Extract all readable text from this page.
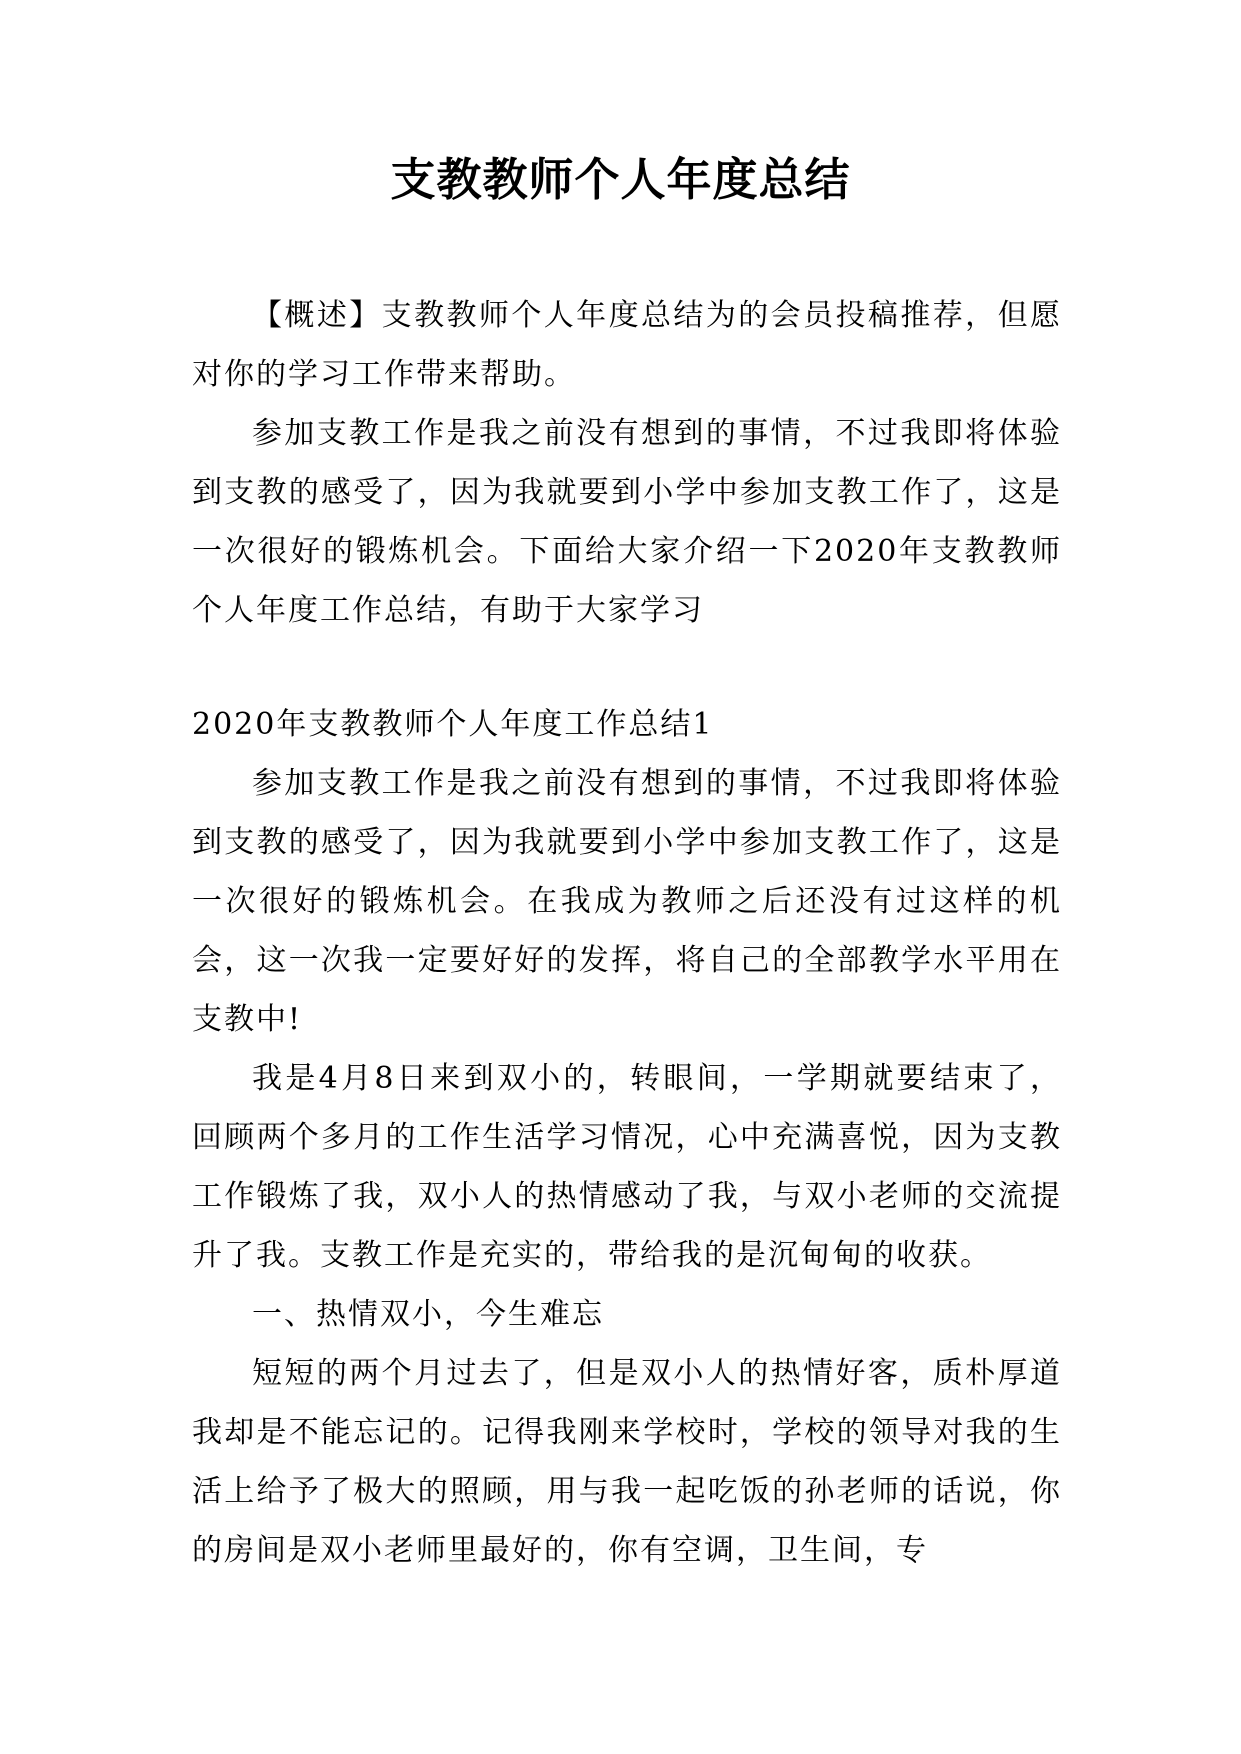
支教教师个人年度总结

【概述】支教教师个人年度总结为的会员投稿推荐，但愿对你的学习工作带来帮助。

参加支教工作是我之前没有想到的事情，不过我即将体验到支教的感受了，因为我就要到小学中参加支教工作了，这是一次很好的锻炼机会。下面给大家介绍一下2020年支教教师个人年度工作总结，有助于大家学习

2020年支教教师个人年度工作总结1

参加支教工作是我之前没有想到的事情，不过我即将体验到支教的感受了，因为我就要到小学中参加支教工作了，这是一次很好的锻炼机会。在我成为教师之后还没有过这样的机会，这一次我一定要好好的发挥，将自己的全部教学水平用在支教中!

我是4月8日来到双小的，转眼间，一学期就要结束了，回顾两个多月的工作生活学习情况，心中充满喜悦，因为支教工作锻炼了我，双小人的热情感动了我，与双小老师的交流提升了我。支教工作是充实的，带给我的是沉甸甸的收获。

一、热情双小，今生难忘

短短的两个月过去了，但是双小人的热情好客，质朴厚道我却是不能忘记的。记得我刚来学校时，学校的领导对我的生活上给予了极大的照顾，用与我一起吃饭的孙老师的话说，你的房间是双小老师里最好的，你有空调，卫生间，专
